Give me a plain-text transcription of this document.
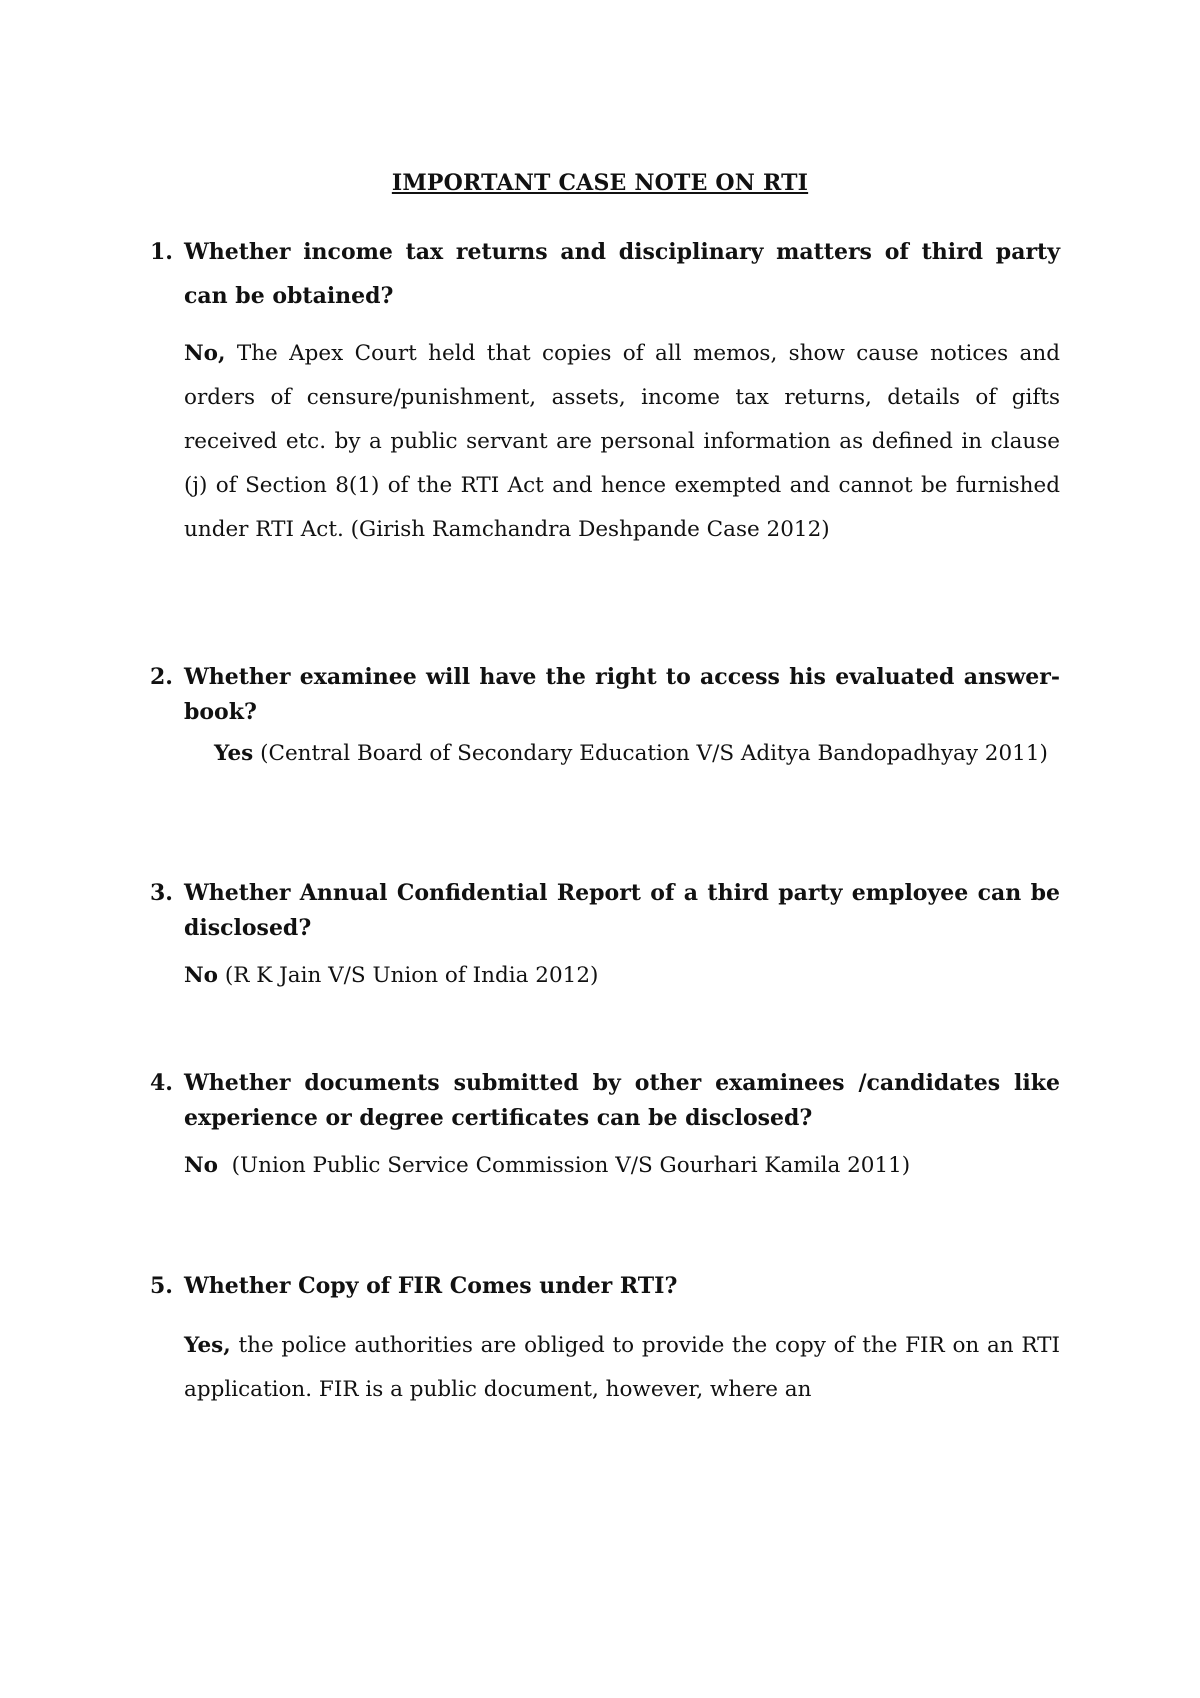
IMPORTANT CASE NOTE ON RTI
1. Whether income tax returns and disciplinary matters of third party can be obtained?
No, The Apex Court held that copies of all memos, show cause notices and orders of censure/punishment, assets, income tax returns, details of gifts received etc. by a public servant are personal information as defined in clause (j) of Section 8(1) of the RTI Act and hence exempted and cannot be furnished under RTI Act. (Girish Ramchandra Deshpande Case 2012)
2. Whether examinee will have the right to access his evaluated answer-book?
Yes (Central Board of Secondary Education V/S Aditya Bandopadhyay 2011)
3. Whether Annual Confidential Report of a third party employee can be disclosed?
No (R K Jain V/S Union of India 2012)
4. Whether documents submitted by other examinees /candidates like experience or degree certificates can be disclosed?
No  (Union Public Service Commission V/S Gourhari Kamila 2011)
5. Whether Copy of FIR Comes under RTI?
Yes, the police authorities are obliged to provide the copy of the FIR on an RTI application. FIR is a public document, however, where an
